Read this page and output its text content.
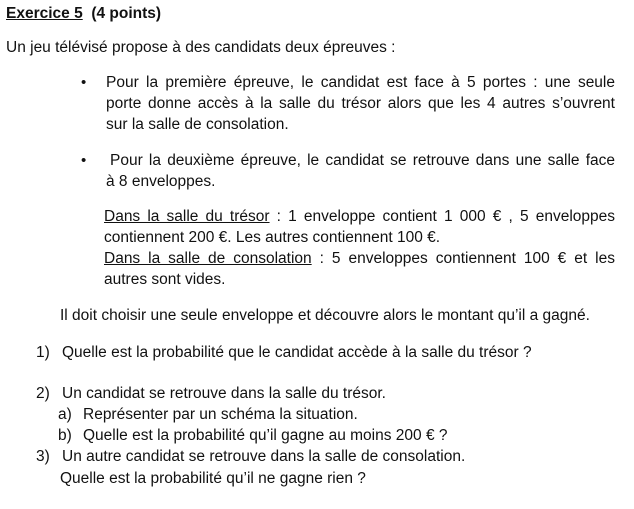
Exercice 5 (4 points)
Un jeu télévisé propose à des candidats deux épreuves :
• Pour la première épreuve, le candidat est face à 5 portes : une seule
porte donne accès à la salle du trésor alors que les 4 autres s’ouvrent
sur la salle de consolation.
• Pour la deuxième épreuve, le candidat se retrouve dans une salle face
à 8 enveloppes.
Dans la salle du trésor : 1 enveloppe contient 1 000 € , 5 enveloppes
contiennent 200 €. Les autres contiennent 100 €.
Dans la salle de consolation : 5 enveloppes contiennent 100 € et les
autres sont vides.
Il doit choisir une seule enveloppe et découvre alors le montant qu’il a gagné.
1) Quelle est la probabilité que le candidat accède à la salle du trésor ?
2) Un candidat se retrouve dans la salle du trésor.
a) Représenter par un schéma la situation.
b) Quelle est la probabilité qu’il gagne au moins 200 € ?
3) Un autre candidat se retrouve dans la salle de consolation.
Quelle est la probabilité qu’il ne gagne rien ?
